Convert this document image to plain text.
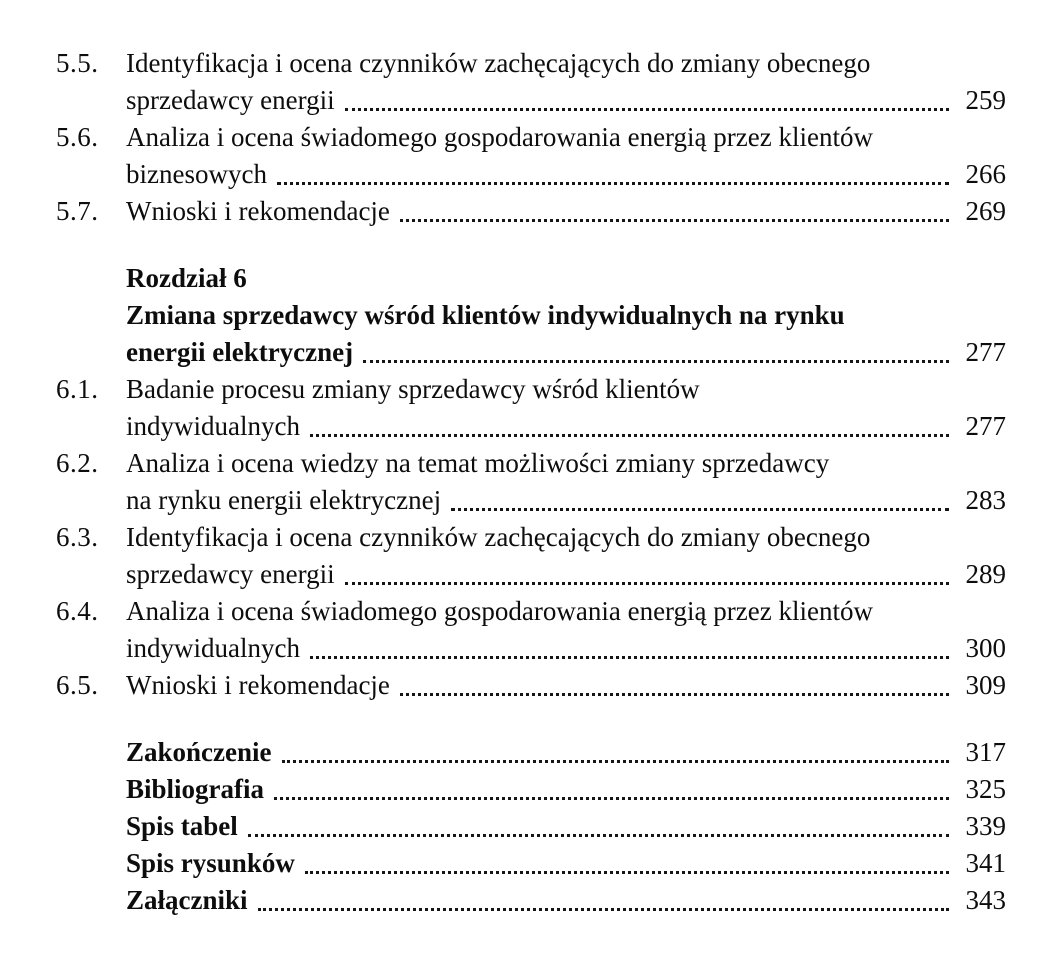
5.5.	Identyfikacja i ocena czynników zachęcających do zmiany obecnego
sprzedawcy energii	259
5.6.	Analiza i ocena świadomego gospodarowania energią przez klientów
biznesowych	266
5.7.	Wnioski i rekomendacje	269
Rozdział 6
Zmiana sprzedawcy wśród klientów indywidualnych na rynku
energii elektrycznej	277
6.1.	Badanie procesu zmiany sprzedawcy wśród klientów
indywidualnych	277
6.2.	Analiza i ocena wiedzy na temat możliwości zmiany sprzedawcy
na rynku energii elektrycznej	283
6.3.	Identyfikacja i ocena czynników zachęcających do zmiany obecnego
sprzedawcy energii	289
6.4.	Analiza i ocena świadomego gospodarowania energią przez klientów
indywidualnych	300
6.5.	Wnioski i rekomendacje	309
Zakończenie	317
Bibliografia	325
Spis tabel	339
Spis rysunków	341
Załączniki	343
